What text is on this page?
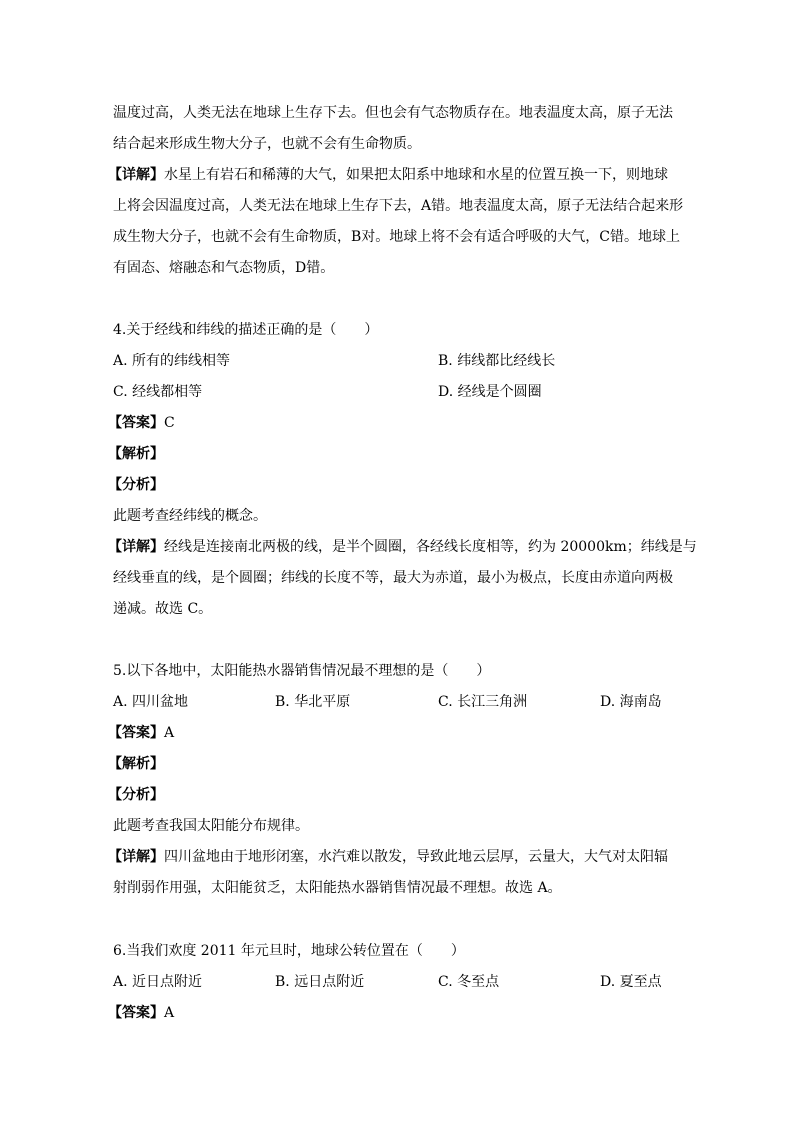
温度过高，人类无法在地球上生存下去。但也会有气态物质存在。地表温度太高，原子无法
结合起来形成生物大分子，也就不会有生命物质。
【详解】水星上有岩石和稀薄的大气，如果把太阳系中地球和水星的位置互换一下，则地球
上将会因温度过高，人类无法在地球上生存下去，A错。地表温度太高，原子无法结合起来形
成生物大分子，也就不会有生命物质，B对。地球上将不会有适合呼吸的大气，C错。地球上
有固态、熔融态和气态物质，D错。
4.关于经线和纬线的描述正确的是（　　）
A. 所有的纬线相等	B. 纬线都比经线长
C. 经线都相等	D. 经线是个圆圈
【答案】C
【解析】
【分析】
此题考查经纬线的概念。
【详解】经线是连接南北两极的线，是半个圆圈，各经线长度相等，约为 20000km；纬线是与
经线垂直的线，是个圆圈；纬线的长度不等，最大为赤道，最小为极点，长度由赤道向两极
递减。故选 C。
5.以下各地中，太阳能热水器销售情况最不理想的是（　　）
A. 四川盆地	B. 华北平原	C. 长江三角洲	D. 海南岛
【答案】A
【解析】
【分析】
此题考查我国太阳能分布规律。
【详解】四川盆地由于地形闭塞，水汽难以散发，导致此地云层厚，云量大，大气对太阳辐
射削弱作用强，太阳能贫乏，太阳能热水器销售情况最不理想。故选 A。
6.当我们欢度 2011 年元旦时，地球公转位置在（　　）
A. 近日点附近	B. 远日点附近	C. 冬至点	D. 夏至点
【答案】A
